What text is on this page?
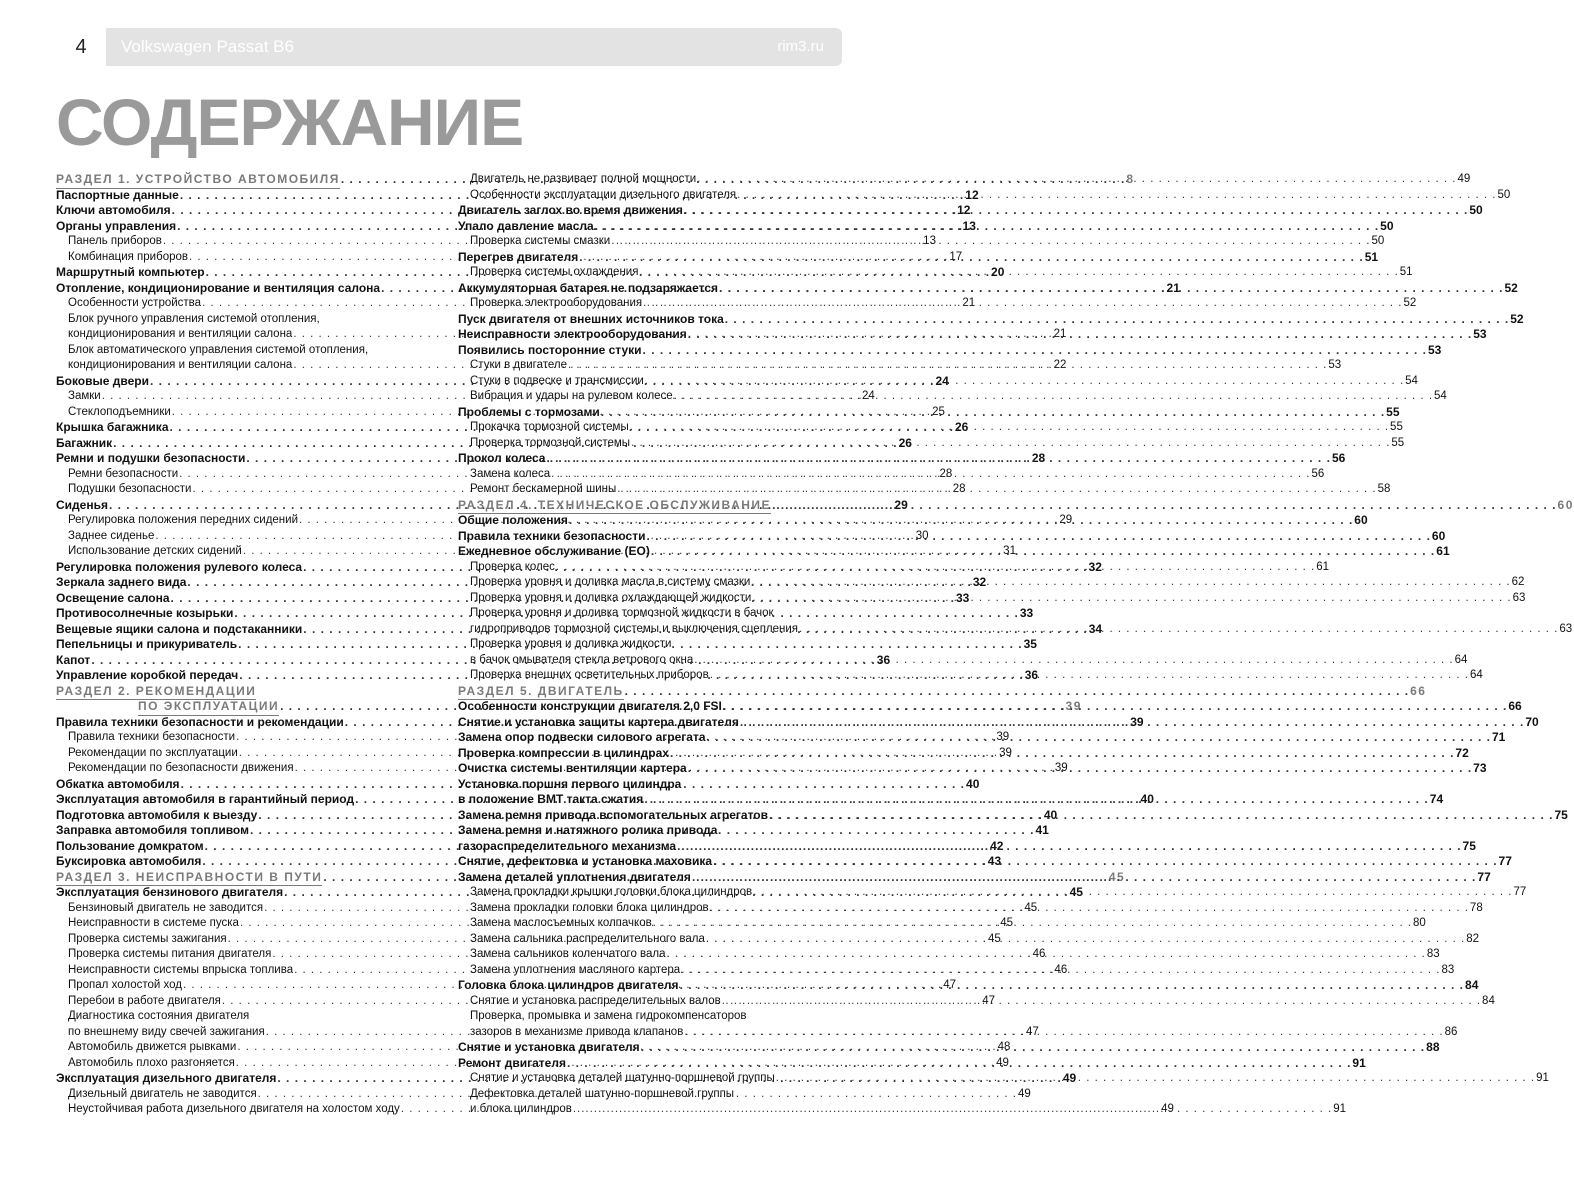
4	Volkswagen Passat B6	rim3.ru
СОДЕРЖАНИЕ
РАЗДЕЛ 1. УСТРОЙСТВО АВТОМОБИЛЯ . . .	8
Паспортные данные . . .	12
Ключи автомобиля . . .	12
Органы управления . . .	13
Панель приборов . . .	13
Комбинация приборов . . .	17
Маршрутный компьютер . . .	20
Отопление, кондиционирование и вентиляция салона . . .	21
Особенности устройства . . .	21
Блок ручного управления системой отопления,
кондиционирования и вентиляции салона . . .	21
Блок автоматического управления системой отопления,
кондиционирования и вентиляции салона . . .	22
Боковые двери . . .	24
Замки . . .	24
Стеклоподъемники . . .	25
Крышка багажника . . .	26
Багажник . . .	26
Ремни и подушки безопасности . . .	28
Ремни безопасности . . .	28
Подушки безопасности . . .	28
Сиденья . . .	29
Регулировка положения передних сидений . . .	29
Заднее сиденье . . .	30
Использование детских сидений . . .	31
Регулировка положения рулевого колеса . . .	32
Зеркала заднего вида . . .	32
Освещение салона . . .	33
Противосолнечные козырьки . . .	33
Вещевые ящики салона и подстаканники . . .	34
Пепельницы и прикуриватель . . .	35
Капот . . .	36
Управление коробкой передач . . .	36
РАЗДЕЛ 2. РЕКОМЕНДАЦИИ
ПО ЭКСПЛУАТАЦИИ . . .	39
Правила техники безопасности и рекомендации . . .	39
Правила техники безопасности . . .	39
Рекомендации по эксплуатации . . .	39
Рекомендации по безопасности движения . . .	39
Обкатка автомобиля . . .	40
Эксплуатация автомобиля в гарантийный период . . .	40
Подготовка автомобиля к выезду . . .	40
Заправка автомобиля топливом . . .	41
Пользование домкратом . . .	42
Буксировка автомобиля . . .	43
РАЗДЕЛ 3. НЕИСПРАВНОСТИ В ПУТИ . . .	45
Эксплуатация бензинового двигателя . . .	45
Бензиновый двигатель не заводится . . .	45
Неисправности в системе пуска . . .	45
Проверка системы зажигания . . .	45
Проверка системы питания двигателя . . .	46
Неисправности системы впрыска топлива . . .	46
Пропал холостой ход . . .	47
Перебои в работе двигателя . . .	47
Диагностика состояния двигателя
по внешнему виду свечей зажигания . . .	47
Автомобиль движется рывками . . .	48
Автомобиль плохо разгоняется . . .	49
Эксплуатация дизельного двигателя . . .	49
Дизельный двигатель не заводится . . .	49
Неустойчивая работа дизельного двигателя на холостом ходу . . .	49
Двигатель не развивает полной мощности . . .	49
Особенности эксплуатации дизельного двигателя . . .	50
Двигатель заглох во время движения . . .	50
Упало давление масла . . .	50
Проверка системы смазки . . .	50
Перегрев двигателя . . .	51
Проверка системы охлаждения . . .	51
Аккумуляторная батарея не подзаряжается . . .	52
Проверка электрооборудования . . .	52
Пуск двигателя от внешних источников тока . . .	52
Неисправности электрооборудования . . .	53
Появились посторонние стуки . . .	53
Стуки в двигателе . . .	53
Стуки в подвеске и трансмиссии . . .	54
Вибрация и удары на рулевом колесе . . .	54
Проблемы с тормозами . . .	55
Прокачка тормозной системы . . .	55
Проверка тормозной системы . . .	55
Прокол колеса . . .	56
Замена колеса . . .	56
Ремонт бескамерной шины . . .	58
РАЗДЕЛ 4. ТЕХНИЧЕСКОЕ ОБСЛУЖИВАНИЕ . . .	60
Общие положения . . .	60
Правила техники безопасности . . .	60
Ежедневное обслуживание (ЕО) . . .	61
Проверка колес . . .	61
Проверка уровня и доливка масла в систему смазки . . .	62
Проверка уровня и доливка охлаждающей жидкости . . .	63
Проверка уровня и доливка тормозной жидкости в бачок
гидроприводов тормозной системы и выключения сцепления . . .	63
Проверка уровня и доливка жидкости
в бачок омывателя стекла ветрового окна . . .	64
Проверка внешних осветительных приборов . . .	64
РАЗДЕЛ 5. ДВИГАТЕЛЬ . . .	66
Особенности конструкции двигателя 2,0 FSI . . .	66
Снятие и установка защиты картера двигателя . . .	70
Замена опор подвески силового агрегата . . .	71
Проверка компрессии в цилиндрах . . .	72
Очистка системы вентиляции картера . . .	73
Установка поршня первого цилиндра
в положение ВМТ такта сжатия . . .	74
Замена ремня привода вспомогательных агрегатов . . .	75
Замена ремня и натяжного ролика привода
газораспределительного механизма . . .	75
Снятие, дефектовка и установка маховика . . .	77
Замена деталей уплотнения двигателя . . .	77
Замена прокладки крышки головки блока цилиндров . . .	77
Замена прокладки головки блока цилиндров . . .	78
Замена маслосъемных колпачков . . .	80
Замена сальника распределительного вала . . .	82
Замена сальников коленчатого вала . . .	83
Замена уплотнения масляного картера . . .	83
Головка блока цилиндров двигателя . . .	84
Снятие и установка распределительных валов . . .	84
Проверка, промывка и замена гидрокомпенсаторов
зазоров в механизме привода клапанов . . .	86
Снятие и установка двигателя . . .	88
Ремонт двигателя . . .	91
Снятие и установка деталей шатунно-поршневой группы . . .	91
Дефектовка деталей шатунно-поршневой группы
и блока цилиндров . . .	91
